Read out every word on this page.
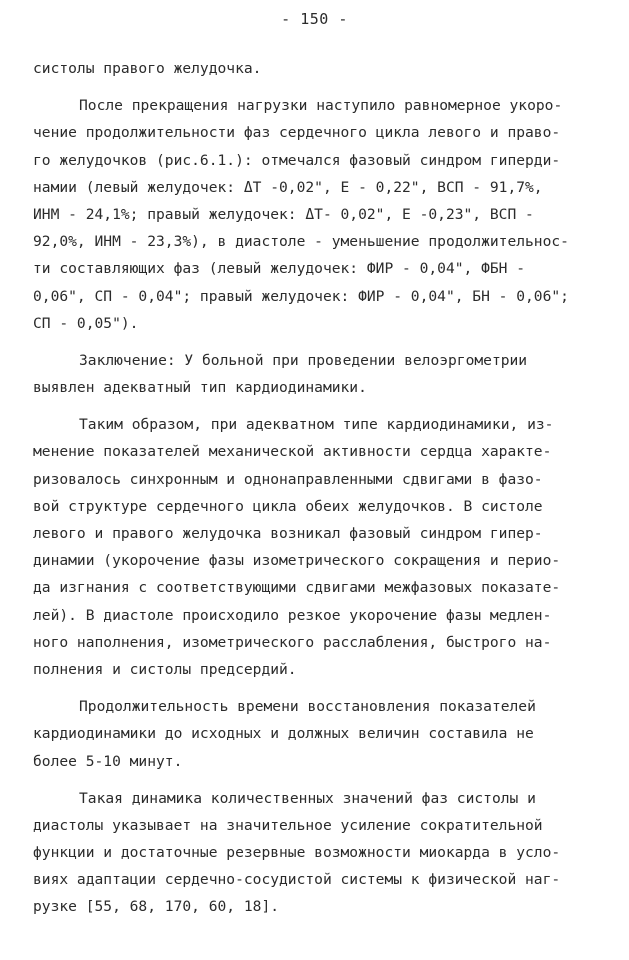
- 150 -
систолы правого желудочка.
После прекращения нагрузки наступило равномерное укоро-
чение продолжительности фаз сердечного цикла левого и право-
го желудочков (рис.6.1.): отмечался фазовый синдром гиперди-
намии (левый желудочек: ΔТ -0,02", Е - 0,22", ВСП - 91,7%,
ИНМ - 24,1%; правый желудочек: ΔТ- 0,02", Е -0,23", ВСП -
92,0%, ИНМ - 23,3%), в диастоле - уменьшение продолжительнос-
ти составляющих фаз (левый желудочек: ФИР - 0,04", ФБН -
0,06", СП - 0,04"; правый желудочек: ФИР - 0,04", БН - 0,06";
СП - 0,05").
Заключение: У больной при проведении велоэргометрии
выявлен адекватный тип кардиодинамики.
Таким образом, при адекватном типе кардиодинамики, из-
менение показателей механической активности сердца характе-
ризовалось синхронным и однонаправленными сдвигами в фазо-
вой структуре сердечного цикла обеих желудочков. В систоле
левого и правого желудочка возникал фазовый синдром гипер-
динамии (укорочение фазы изометрического сокращения и перио-
да изгнания с соответствующими сдвигами межфазовых показате-
лей). В диастоле происходило резкое укорочение фазы медлен-
ного наполнения, изометрического расслабления, быстрого на-
полнения и систолы предсердий.
Продолжительность времени восстановления показателей
кардиодинамики до исходных и должных величин составила не
более 5-10 минут.
Такая динамика количественных значений фаз систолы и
диастолы указывает на значительное усиление сократительной
функции и достаточные резервные возможности миокарда в усло-
виях адаптации сердечно-сосудистой системы к физической наг-
рузке [55, 68, 170, 60, 18].
